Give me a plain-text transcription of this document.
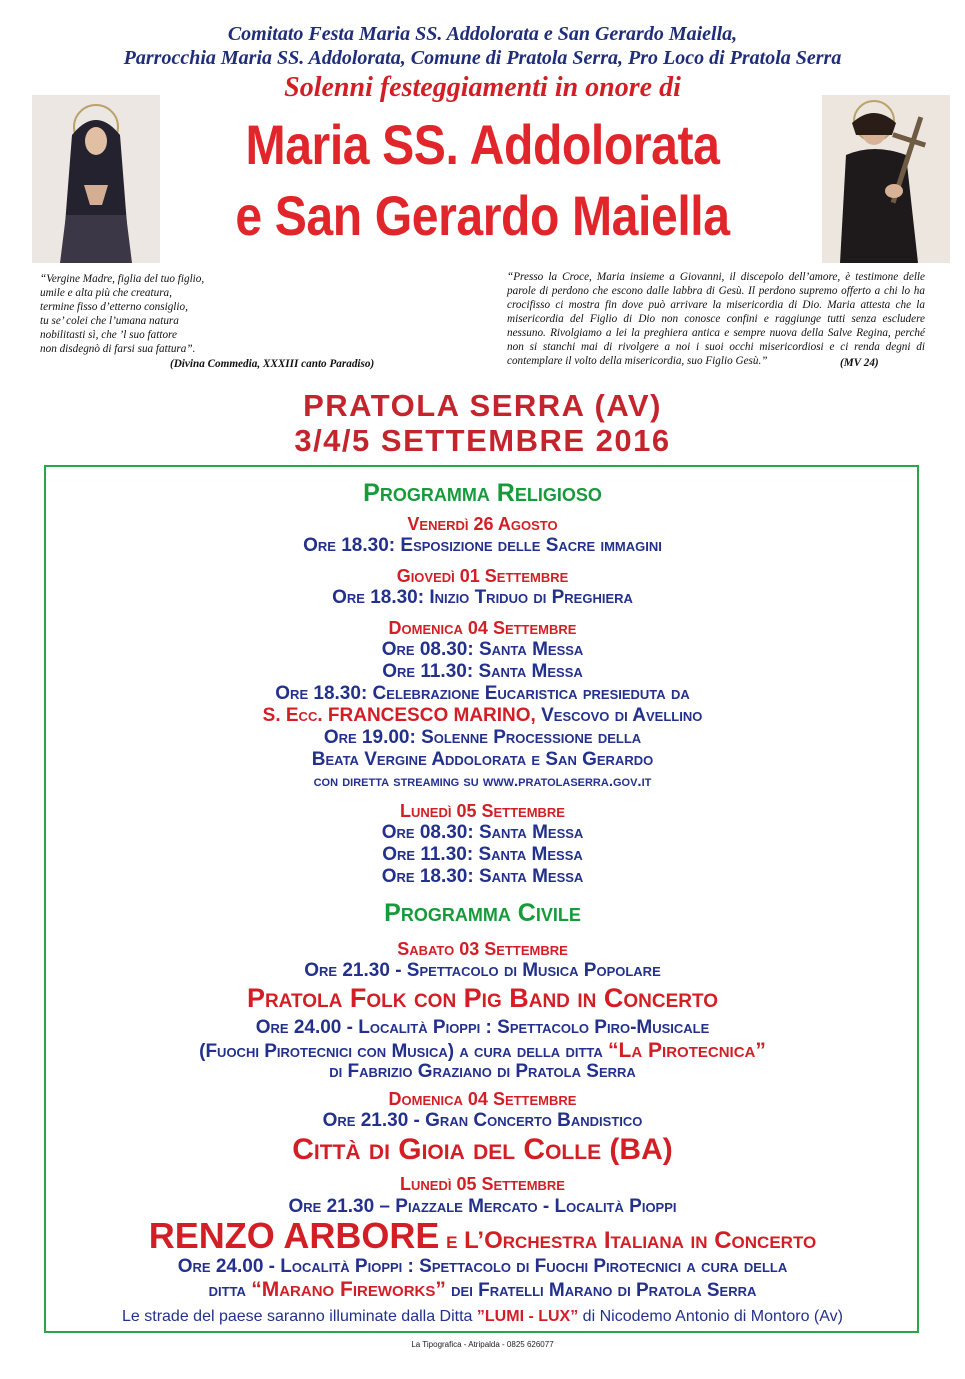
Comitato Festa Maria SS. Addolorata e San Gerardo Maiella,
Parrocchia Maria SS. Addolorata, Comune di Pratola Serra, Pro Loco di Pratola Serra
Solenni festeggiamenti in onore di
Maria SS. Addolorata
e San Gerardo Maiella
“Vergine Madre, figlia del tuo figlio,
umile e alta più che creatura,
termine fisso d’etterno consiglio,
tu se’ colei che l’umana natura
nobilitasti sì, che ’l suo fattore
non disdegnò di farsi sua fattura”.
(Divina Commedia, XXXIII canto Paradiso)
“Presso la Croce, Maria insieme a Giovanni, il discepolo dell’amore, è testimone delle parole di perdono che escono dalle labbra di Gesù. Il perdono supremo offerto a chi lo ha crocifisso ci mostra fin dove può arrivare la misericordia di Dio. Maria attesta che la misericordia del Figlio di Dio non conosce confini e raggiunge tutti senza escludere nessuno. Rivolgiamo a lei la preghiera antica e sempre nuova della Salve Regina, perché non si stanchi mai di rivolgere a noi i suoi occhi misericordiosi e ci renda degni di contemplare il volto della misericordia, suo Figlio Gesù.”	(MV 24)
PRATOLA SERRA (AV)
3/4/5 SETTEMBRE 2016
Programma Religioso
Venerdì 26 Agosto
Ore 18.30: Esposizione delle Sacre immagini
Giovedì 01 Settembre
Ore 18.30: Inizio Triduo di Preghiera
Domenica 04 Settembre
Ore 08.30: Santa Messa
Ore 11.30: Santa Messa
Ore 18.30: Celebrazione Eucaristica presieduta da
S. Ecc. FRANCESCO MARINO, Vescovo di Avellino
Ore 19.00: Solenne Processione della
Beata Vergine Addolorata e San Gerardo
con diretta streaming su www.pratolaserra.gov.it
Lunedì 05 Settembre
Ore 08.30: Santa Messa
Ore 11.30: Santa Messa
Ore 18.30: Santa Messa
Programma Civile
Sabato 03 Settembre
Ore 21.30 - Spettacolo di Musica Popolare
Pratola Folk con Pig Band in Concerto
Ore 24.00 - Località Pioppi : Spettacolo Piro-Musicale
(Fuochi Pirotecnici con Musica) a cura della ditta “La Pirotecnica”
di Fabrizio Graziano di Pratola Serra
Domenica 04 Settembre
Ore 21.30 - Gran Concerto Bandistico
Città di Gioia del Colle (BA)
Lunedì 05 Settembre
Ore 21.30 – Piazzale Mercato - Località Pioppi
RENZO ARBORE e L’Orchestra Italiana in Concerto
Ore 24.00 - Località Pioppi : Spettacolo di Fuochi Pirotecnici a cura della
ditta “Marano Fireworks” dei Fratelli Marano di Pratola Serra
Le strade del paese saranno illuminate dalla Ditta ”LUMI - LUX” di Nicodemo Antonio di Montoro (Av)
La Tipografica - Atripalda - 0825 626077
